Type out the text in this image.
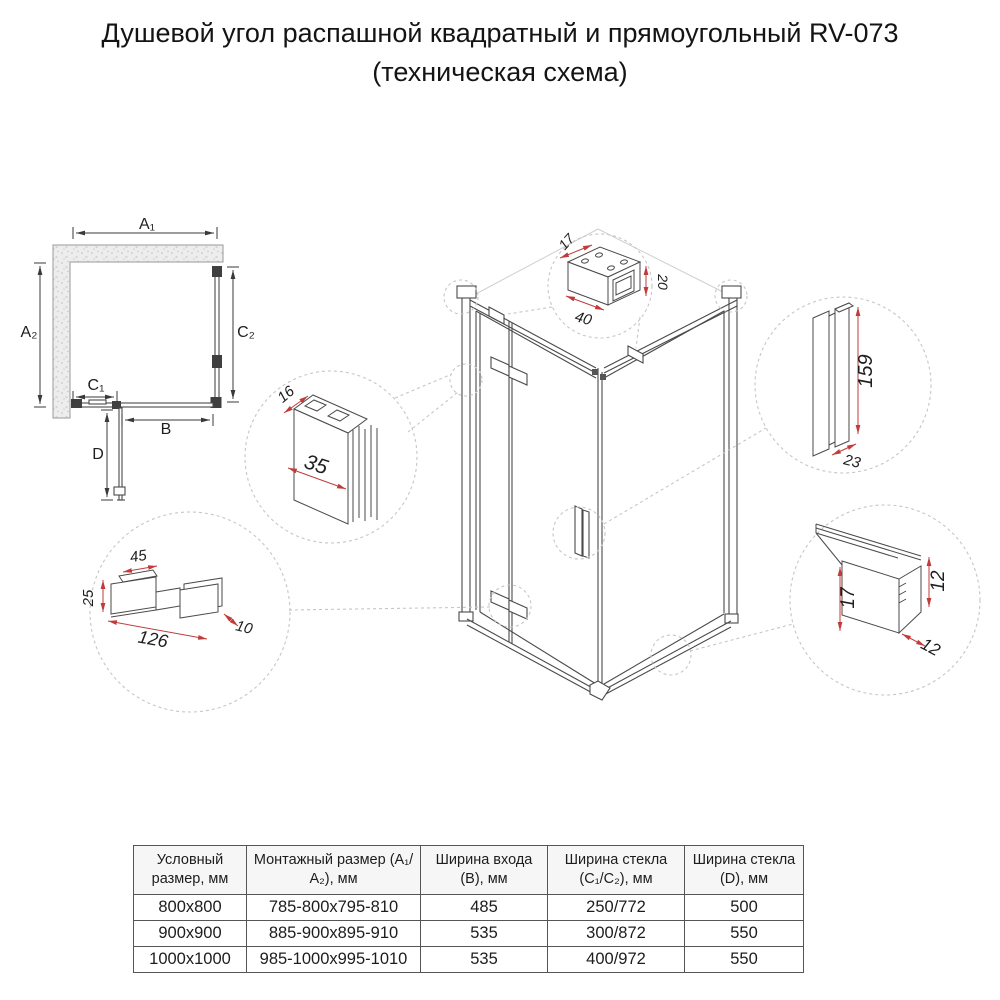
Душевой угол распашной квадратный и прямоугольный RV-073
(техническая схема)
A₁
A₂	C₂
C₁
B
D
40
20
17
16
35
159
23
45
25
126	10
17
12
12
Условный размер, мм	Монтажный размер (А₁/А₂), мм	Ширина входа (B), мм	Ширина стекла (С₁/С₂), мм	Ширина стекла (D), мм
800x800	785-800x795-810	485	250/772	500
900x900	885-900x895-910	535	300/872	550
1000x1000	985-1000x995-1010	535	400/972	550
